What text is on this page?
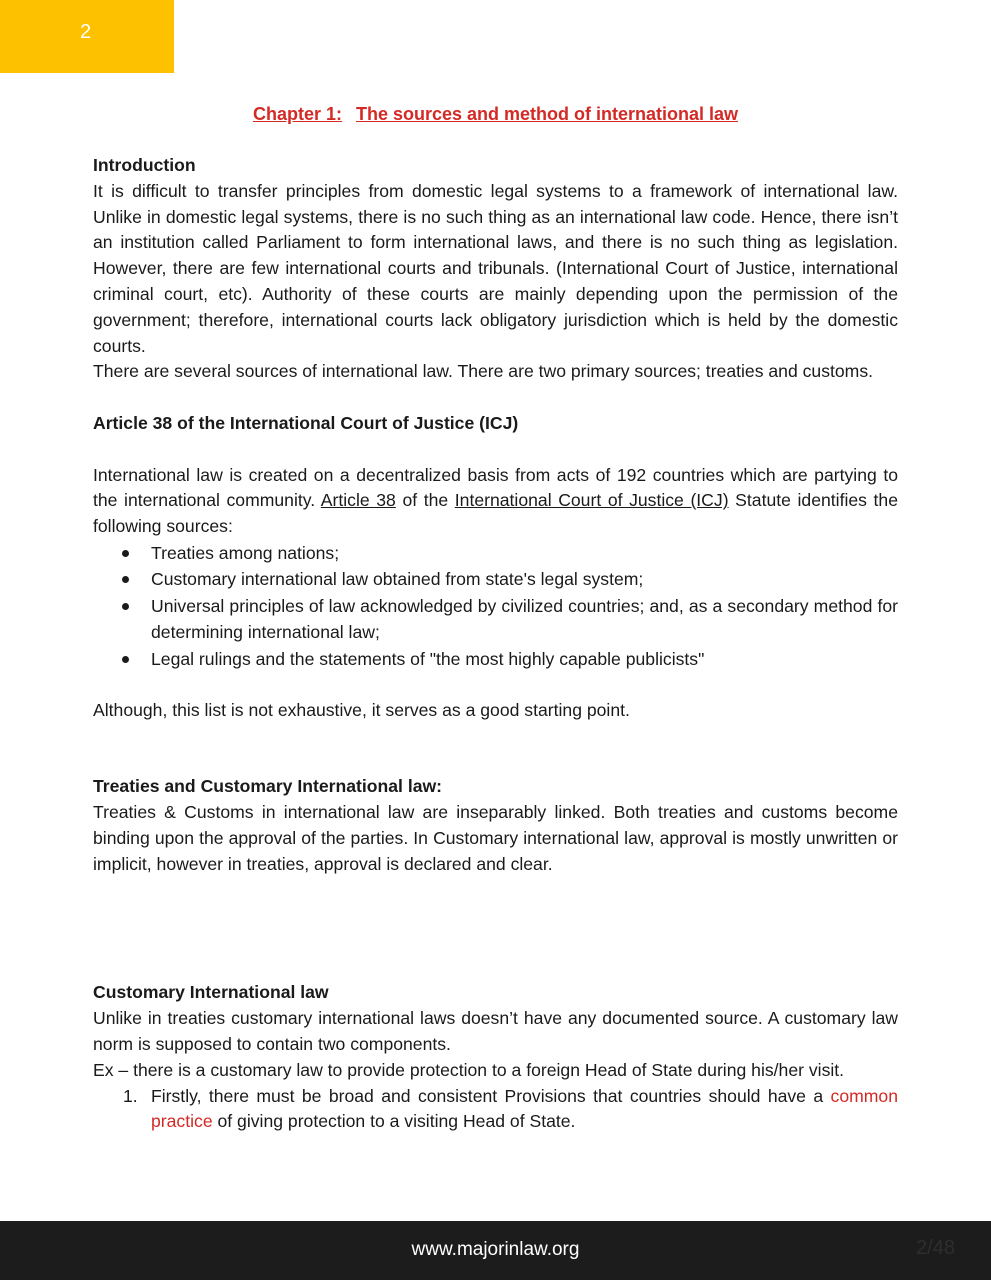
2
Chapter 1: The sources and method of international law

Introduction

It is difficult to transfer principles from domestic legal systems to a framework of international law. Unlike in domestic legal systems, there is no such thing as an international law code. Hence, there isn’t an institution called Parliament to form international laws, and there is no such thing as legislation. However, there are few international courts and tribunals. (International Court of Justice, international criminal court, etc). Authority of these courts are mainly depending upon the permission of the government; therefore, international courts lack obligatory jurisdiction which is held by the domestic courts.

There are several sources of international law. There are two primary sources; treaties and customs.

Article 38 of the International Court of Justice (ICJ)

International law is created on a decentralized basis from acts of 192 countries which are partying to the international community. Article 38 of the International Court of Justice (ICJ) Statute identifies the following sources:

Treaties among nations;
Customary international law obtained from state's legal system;
Universal principles of law acknowledged by civilized countries; and, as a secondary method for determining international law;
Legal rulings and the statements of "the most highly capable publicists"

Although, this list is not exhaustive, it serves as a good starting point.

Treaties and Customary International law:

Treaties & Customs in international law are inseparably linked. Both treaties and customs become binding upon the approval of the parties. In Customary international law, approval is mostly unwritten or implicit, however in treaties, approval is declared and clear.

Customary International law

Unlike in treaties customary international laws doesn’t have any documented source. A customary law norm is supposed to contain two components.

Ex – there is a customary law to provide protection to a foreign Head of State during his/her visit.

1. Firstly, there must be broad and consistent Provisions that countries should have a common practice of giving protection to a visiting Head of State.
www.majorinlaw.org	2/48
